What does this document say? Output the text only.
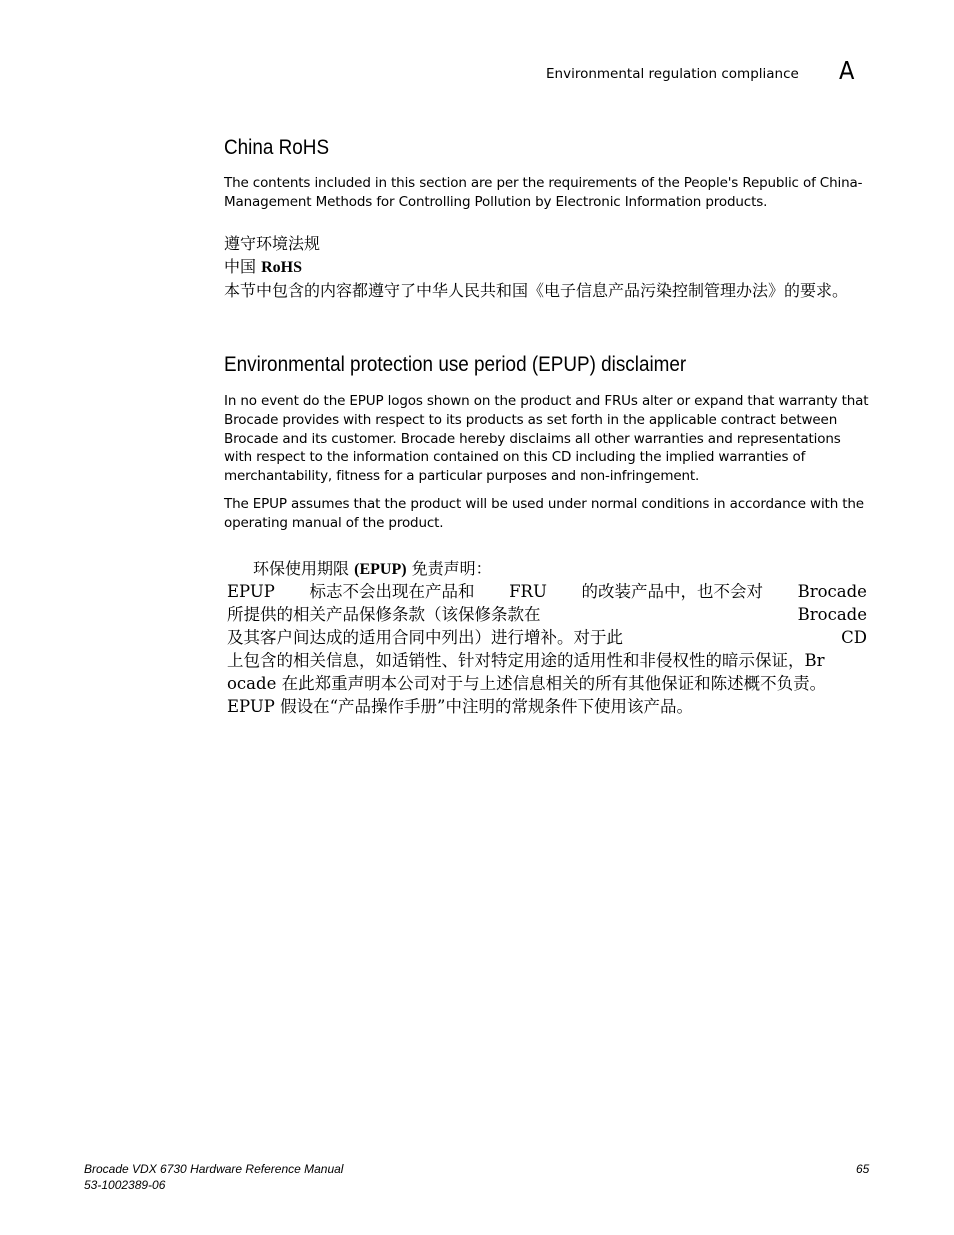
Environmental regulation compliance A
China RoHS
The contents included in this section are per the requirements of the People's Republic of China-Management Methods for Controlling Pollution by Electronic Information products.
遵守环境法规
中国 RoHS
本节中包含的内容都遵守了中华人民共和国《电子信息产品污染控制管理办法》的要求。
Environmental protection use period (EPUP) disclaimer
In no event do the EPUP logos shown on the product and FRUs alter or expand that warranty that Brocade provides with respect to its products as set forth in the applicable contract between Brocade and its customer. Brocade hereby disclaims all other warranties and representations with respect to the information contained on this CD including the implied warranties of merchantability, fitness for a particular purposes and non-infringement.
The EPUP assumes that the product will be used under normal conditions in accordance with the operating manual of the product.
环保使用期限 (EPUP) 免责声明：
EPUP 标志不会出现在产品和 FRU 的改装产品中，也不会对 Brocade
所提供的相关产品保修条款（该保修条款在	Brocade
及其客户间达成的适用合同中列出）进行增补。对于此	CD
上包含的相关信息，如适销性、针对特定用途的适用性和非侵权性的暗示保证，Br
ocade 在此郑重声明本公司对于与上述信息相关的所有其他保证和陈述概不负责。
EPUP 假设在“产品操作手册”中注明的常规条件下使用该产品。
Brocade VDX 6730 Hardware Reference Manual
53-1002389-06
65
